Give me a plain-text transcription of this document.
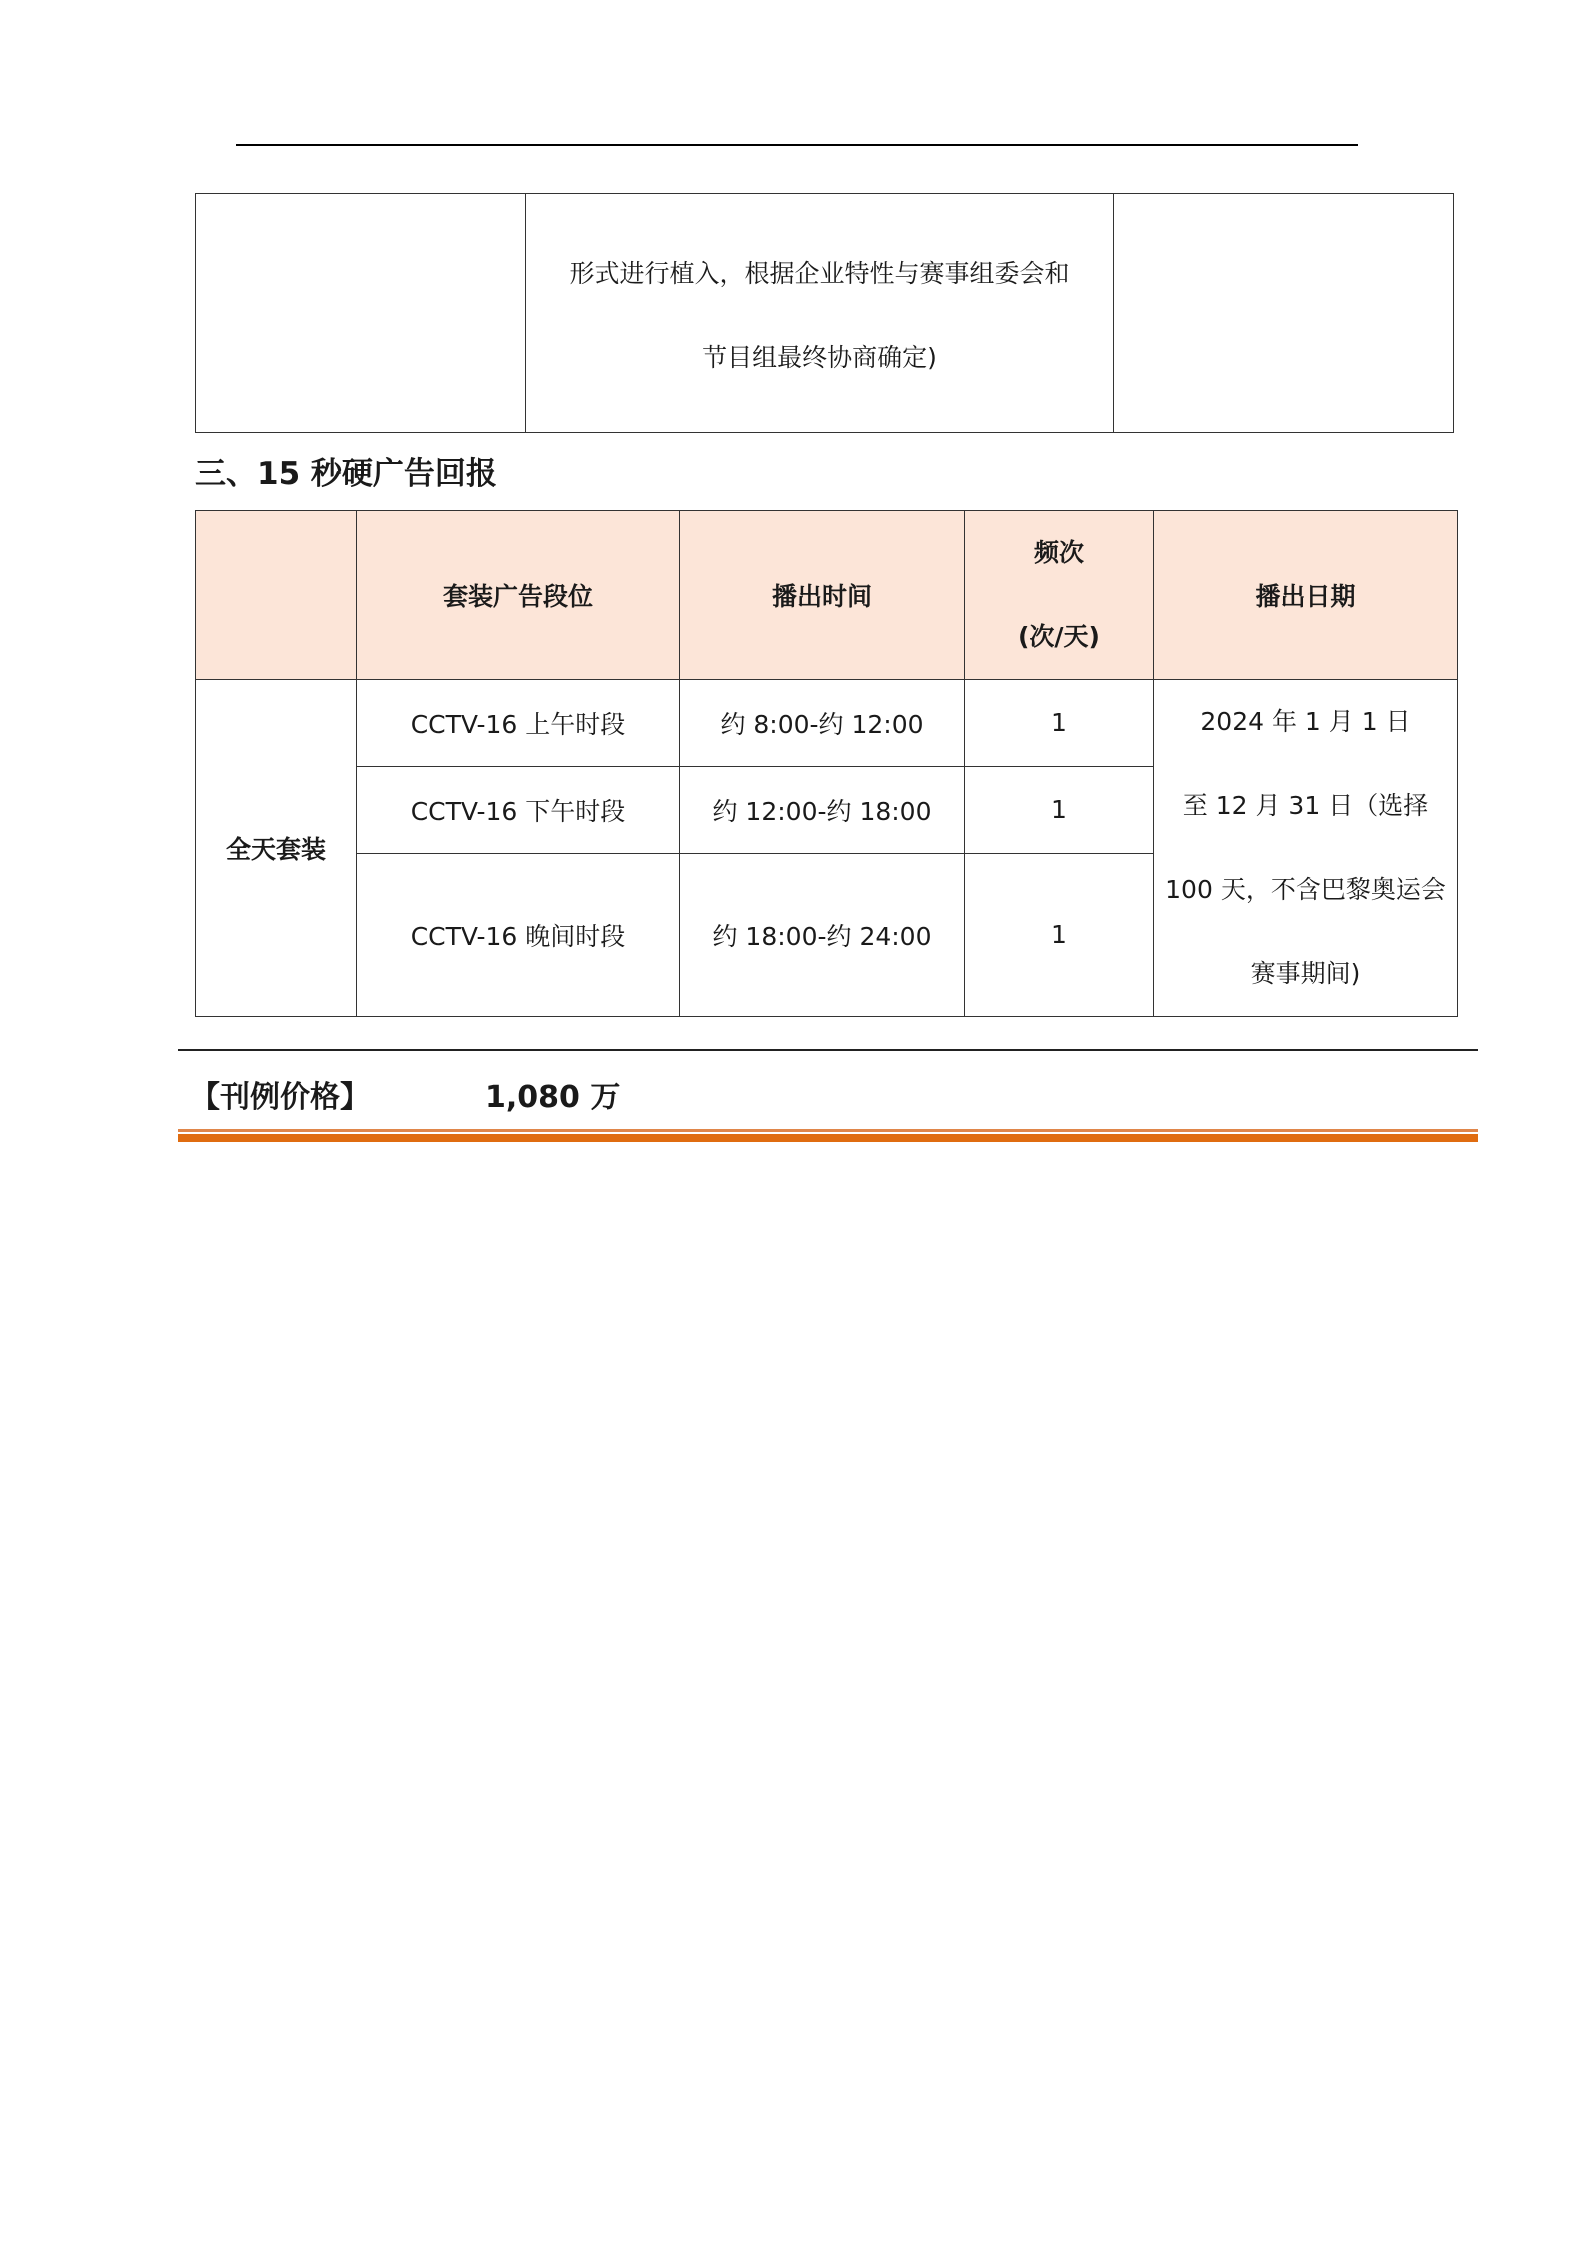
形式进行植入，根据企业特性与赛事组委会和
节目组最终协商确定)

三、15 秒硬广告回报
	套装广告段位	播出时间	频次
(次/天)	播出日期
全天套装	CCTV-16 上午时段	约 8:00-约 12:00	1	2024 年 1 月 1 日
至 12 月 31 日（选择
100 天，不含巴黎奥运会
赛事期间)

	CCTV-16 下午时段	约 12:00-约 18:00	1	
	CCTV-16 晚间时段	约 18:00-约 24:00	1	
【刊例价格】	1,080 万
